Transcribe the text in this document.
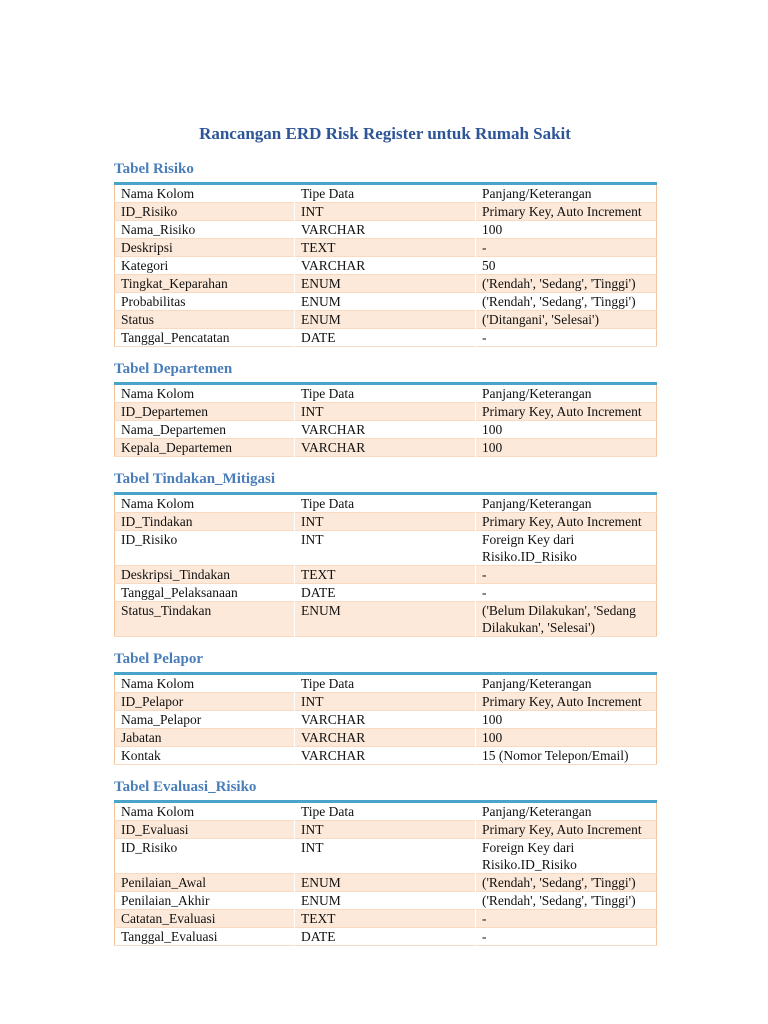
Rancangan ERD Risk Register untuk Rumah Sakit
Tabel Risiko
Nama Kolom	Tipe Data	Panjang/Keterangan
ID_Risiko	INT	Primary Key, Auto Increment
Nama_Risiko	VARCHAR	100
Deskripsi	TEXT	-
Kategori	VARCHAR	50
Tingkat_Keparahan	ENUM	('Rendah', 'Sedang', 'Tinggi')
Probabilitas	ENUM	('Rendah', 'Sedang', 'Tinggi')
Status	ENUM	('Ditangani', 'Selesai')
Tanggal_Pencatatan	DATE	-
Tabel Departemen
Nama Kolom	Tipe Data	Panjang/Keterangan
ID_Departemen	INT	Primary Key, Auto Increment
Nama_Departemen	VARCHAR	100
Kepala_Departemen	VARCHAR	100
Tabel Tindakan_Mitigasi
Nama Kolom	Tipe Data	Panjang/Keterangan
ID_Tindakan	INT	Primary Key, Auto Increment
ID_Risiko	INT	Foreign Key dari Risiko.ID_Risiko
Deskripsi_Tindakan	TEXT	-
Tanggal_Pelaksanaan	DATE	-
Status_Tindakan	ENUM	('Belum Dilakukan', 'Sedang Dilakukan', 'Selesai')
Tabel Pelapor
Nama Kolom	Tipe Data	Panjang/Keterangan
ID_Pelapor	INT	Primary Key, Auto Increment
Nama_Pelapor	VARCHAR	100
Jabatan	VARCHAR	100
Kontak	VARCHAR	15 (Nomor Telepon/Email)
Tabel Evaluasi_Risiko
Nama Kolom	Tipe Data	Panjang/Keterangan
ID_Evaluasi	INT	Primary Key, Auto Increment
ID_Risiko	INT	Foreign Key dari Risiko.ID_Risiko
Penilaian_Awal	ENUM	('Rendah', 'Sedang', 'Tinggi')
Penilaian_Akhir	ENUM	('Rendah', 'Sedang', 'Tinggi')
Catatan_Evaluasi	TEXT	-
Tanggal_Evaluasi	DATE	-
